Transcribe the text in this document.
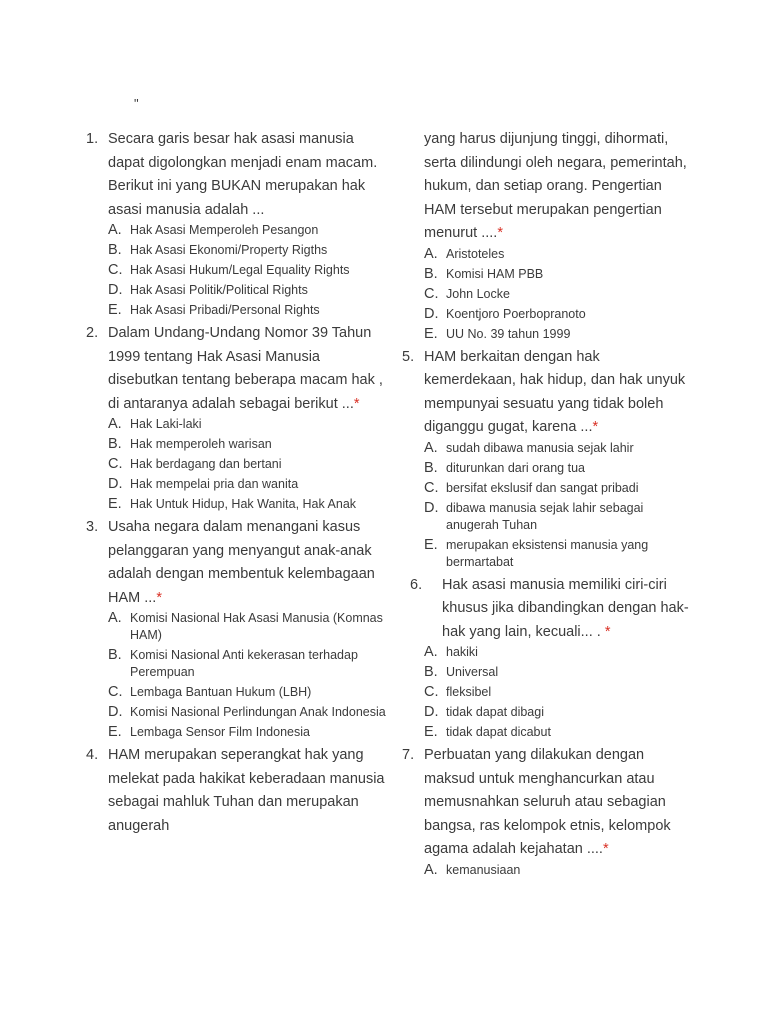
"
1. Secara garis besar hak asasi manusia dapat digolongkan menjadi enam macam. Berikut ini yang BUKAN merupakan hak asasi manusia adalah ...
A. Hak Asasi Memperoleh Pesangon
B. Hak Asasi Ekonomi/Property Rigths
C. Hak Asasi Hukum/Legal Equality Rights
D. Hak Asasi Politik/Political Rights
E. Hak Asasi Pribadi/Personal Rights
2. Dalam Undang-Undang Nomor 39 Tahun 1999 tentang Hak Asasi Manusia disebutkan tentang beberapa macam hak , di antaranya adalah sebagai berikut ...*
A. Hak Laki-laki
B. Hak memperoleh warisan
C. Hak berdagang dan bertani
D. Hak mempelai pria dan wanita
E. Hak Untuk Hidup, Hak Wanita, Hak Anak
3. Usaha negara dalam menangani kasus pelanggaran yang menyangut anak-anak adalah dengan membentuk kelembagaan HAM ...*
A. Komisi Nasional Hak Asasi Manusia (Komnas HAM)
B. Komisi Nasional Anti kekerasan terhadap Perempuan
C. Lembaga Bantuan Hukum (LBH)
D. Komisi Nasional Perlindungan Anak Indonesia
E. Lembaga Sensor Film Indonesia
4. HAM merupakan seperangkat hak yang melekat pada hakikat keberadaan manusia sebagai mahluk Tuhan dan merupakan anugerah
yang harus dijunjung tinggi, dihormati, serta dilindungi oleh negara, pemerintah, hukum, dan setiap orang. Pengertian HAM tersebut merupakan pengertian menurut ....*
A. Aristoteles
B. Komisi HAM PBB
C. John Locke
D. Koentjoro Poerbopranoto
E. UU No. 39 tahun 1999
5. HAM berkaitan dengan hak kemerdekaan, hak hidup, dan hak unyuk mempunyai sesuatu yang tidak boleh diganggu gugat, karena ...*
A. sudah dibawa manusia sejak lahir
B. diturunkan dari orang tua
C. bersifat ekslusif dan sangat pribadi
D. dibawa manusia sejak lahir sebagai anugerah Tuhan
E. merupakan eksistensi manusia yang bermartabat
6.	Hak asasi manusia memiliki ciri-ciri khusus jika dibandingkan dengan hak-hak yang lain, kecuali... . *
A. hakiki
B. Universal
C. fleksibel
D. tidak dapat dibagi
E. tidak dapat dicabut
7. Perbuatan yang dilakukan dengan maksud untuk menghancurkan atau memusnahkan seluruh atau sebagian bangsa, ras kelompok etnis, kelompok agama adalah kejahatan ....*
A. kemanusiaan
